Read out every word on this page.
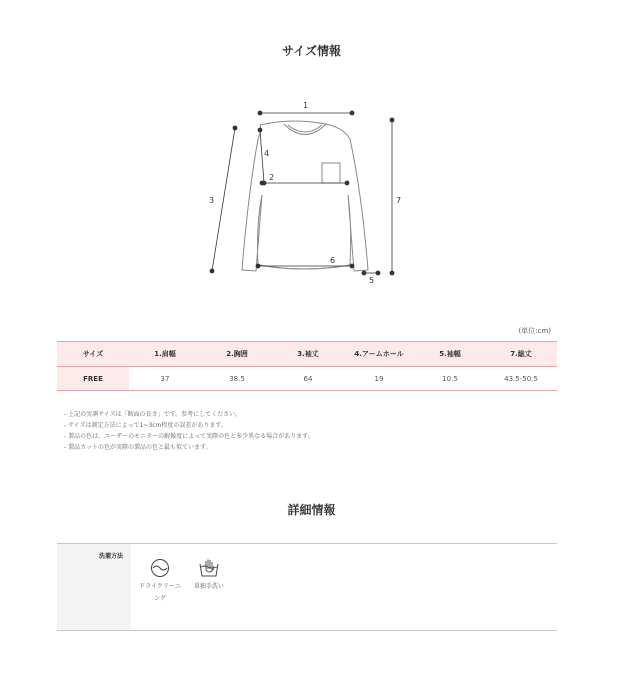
サイズ情報
1
2
3
4
5
6
7
(単位:cm)
サイズ	1.肩幅	2.胸囲	3.袖丈	4.アームホール	5.袖幅	7.総丈
FREE	37	38.5	64	19	10.5	43.5-50.5
- 上記の実測サイズは「断面の長さ」です。参考にしてください。
- サイズは測定方法によって1~3cm程度の誤差があります。
- 製品の色は、ユーザーのモニターの解像度によって実際の色と多少異なる場合があります。
- 製品カットの色が実際の製品の色と最も似ています。
詳細情報
洗濯方法
ドライクリーニ
ング
単独手洗い
